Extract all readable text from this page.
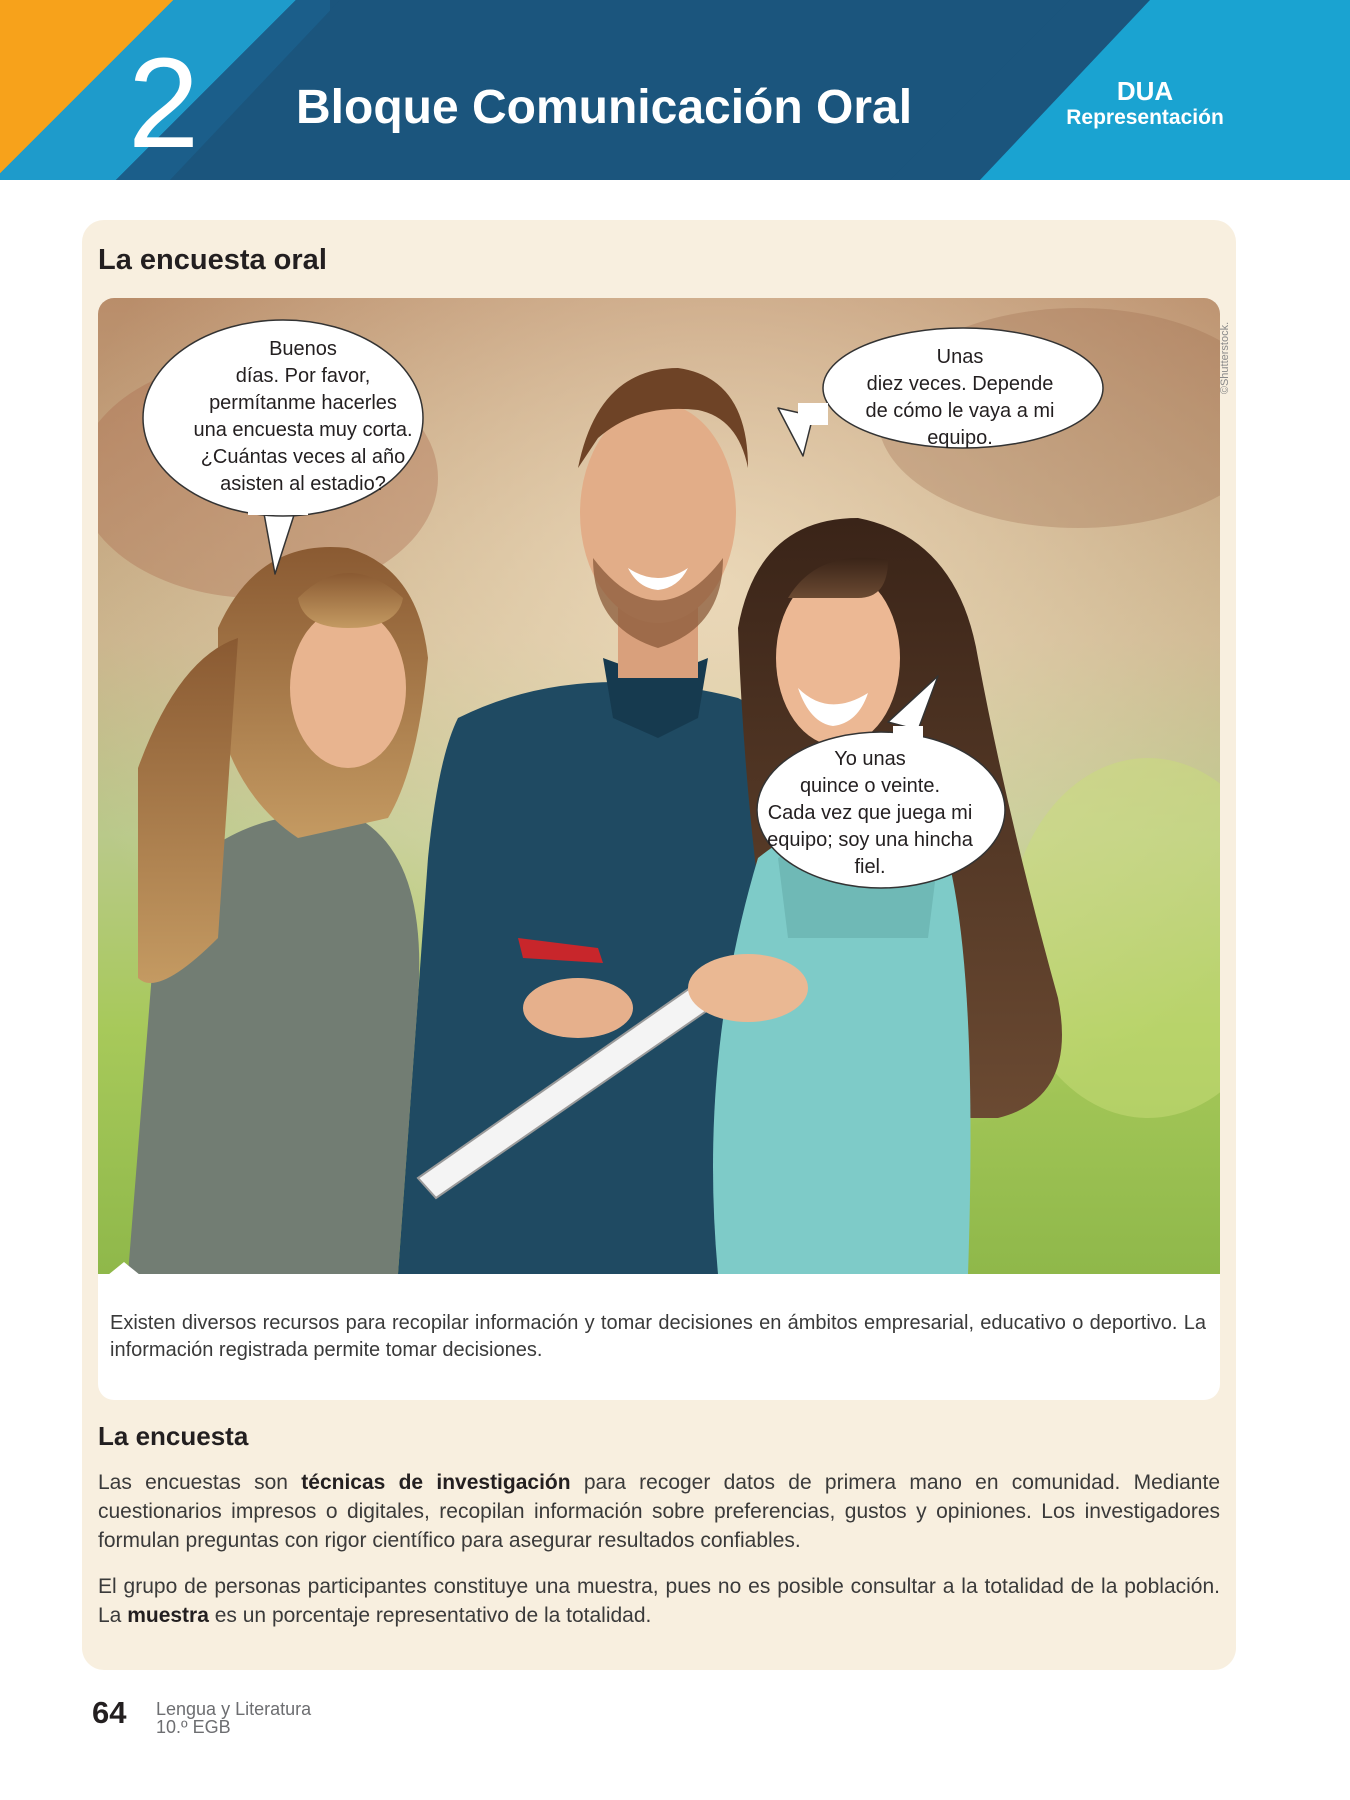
2 Bloque Comunicación Oral	DUA
Representación
La encuesta oral
Buenos
días. Por favor,
permítanme hacerles
una encuesta muy corta.
¿Cuántas veces al año
asisten al estadio?
Unas
diez veces. Depende
de cómo le vaya a mi
equipo.
Yo unas
quince o veinte.
Cada vez que juega mi
equipo; soy una hincha
fiel.
Existen diversos recursos para recopilar información y tomar decisiones en ámbitos empresarial, educativo o deportivo. La información registrada permite tomar decisiones.
©Shutterstock.
La encuesta

Las encuestas son técnicas de investigación para recoger datos de primera mano en comunidad. Mediante cuestionarios impresos o digitales, recopilan información sobre preferencias, gustos y opiniones. Los investigadores formulan preguntas con rigor científico para asegurar resultados confiables.

El grupo de personas participantes constituye una muestra, pues no es posible consultar a la totalidad de la población. La muestra es un porcentaje representativo de la totalidad.

64 Lengua y Literatura
10.º EGB
